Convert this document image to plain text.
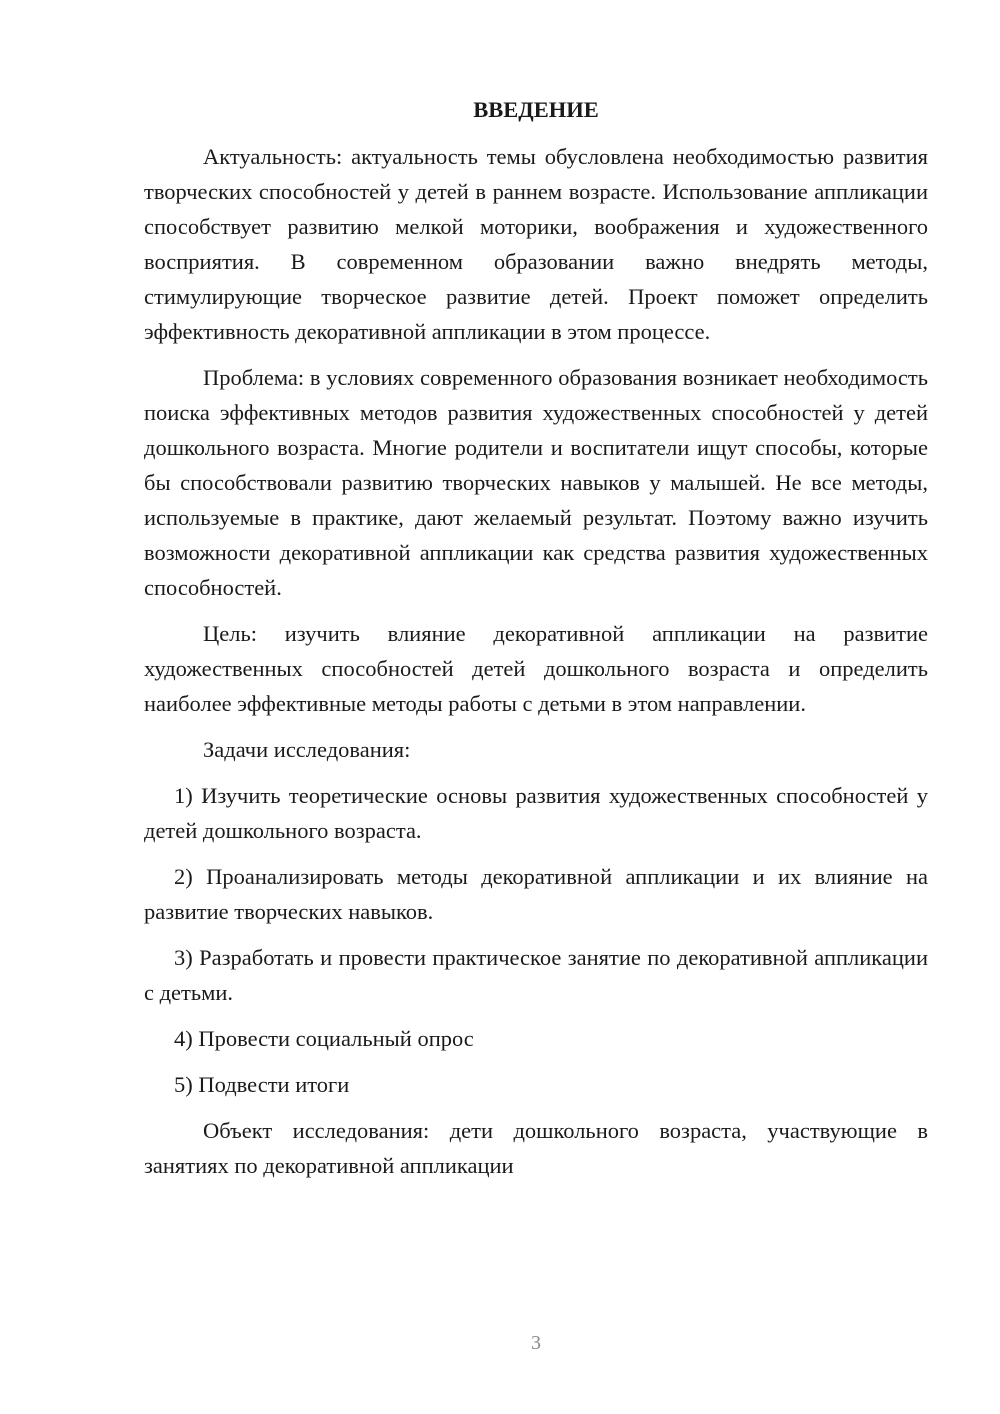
ВВЕДЕНИЕ

Актуальность: актуальность темы обусловлена необходимостью развития творческих способностей у детей в раннем возрасте. Использование аппликации способствует развитию мелкой моторики, воображения и художественного восприятия. В современном образовании важно внедрять методы, стимулирующие творческое развитие детей. Проект поможет определить эффективность декоративной аппликации в этом процессе.

Проблема: в условиях современного образования возникает необходимость поиска эффективных методов развития художественных способностей у детей дошкольного возраста. Многие родители и воспитатели ищут способы, которые бы способствовали развитию творческих навыков у малышей. Не все методы, используемые в практике, дают желаемый результат. Поэтому важно изучить возможности декоративной аппликации как средства развития художественных способностей.

Цель: изучить влияние декоративной аппликации на развитие художественных способностей детей дошкольного возраста и определить наиболее эффективные методы работы с детьми в этом направлении.

Задачи исследования:

1) Изучить теоретические основы развития художественных способностей у детей дошкольного возраста.

2) Проанализировать методы декоративной аппликации и их влияние на развитие творческих навыков.

3) Разработать и провести практическое занятие по декоративной аппликации с детьми.

4) Провести социальный опрос

5) Подвести итоги

Объект исследования: дети дошкольного возраста, участвующие в занятиях по декоративной аппликации

3
